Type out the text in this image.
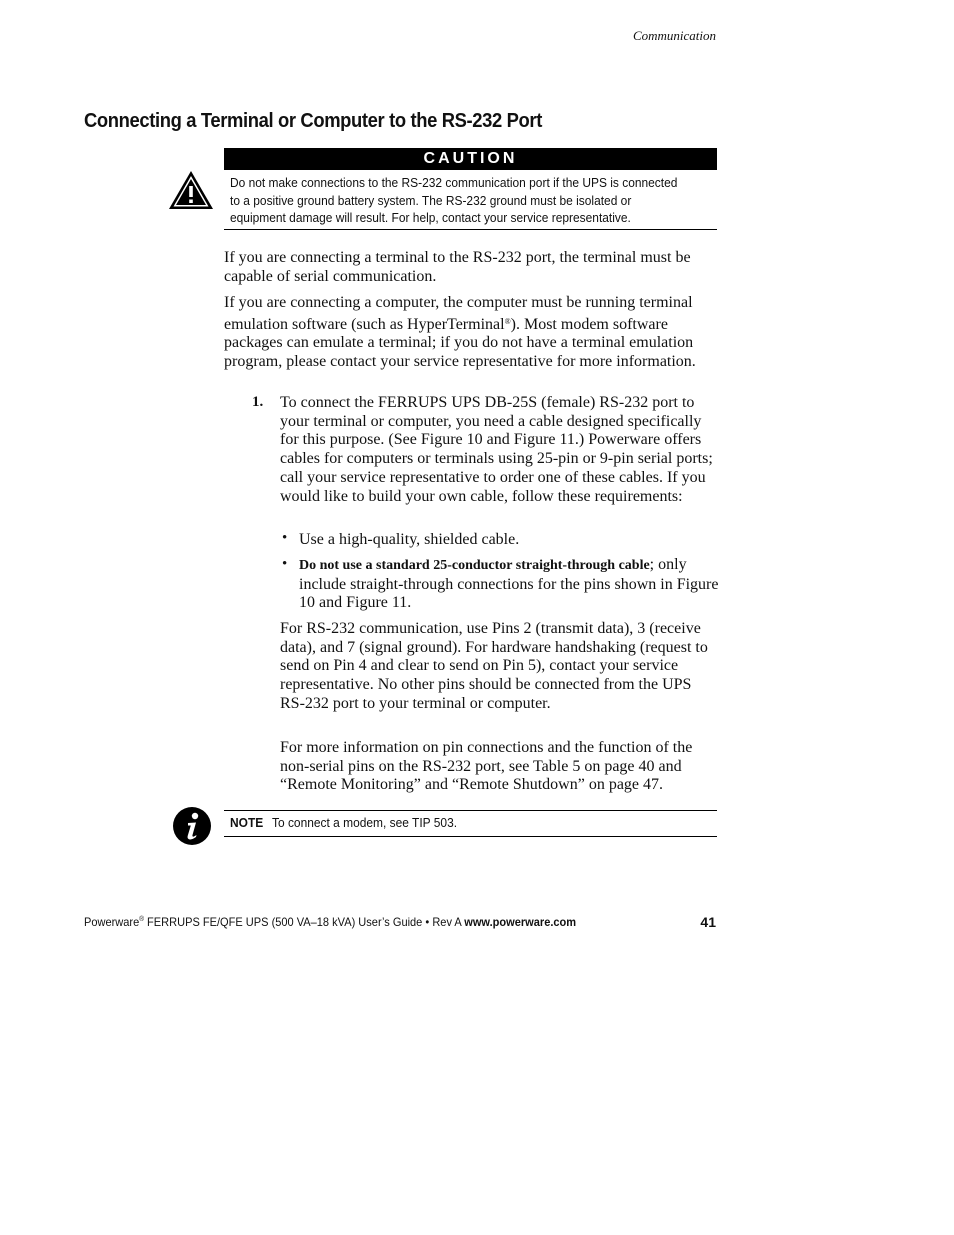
Communication
Connecting a Terminal or Computer to the RS-232 Port
CAUTION
Do not make connections to the RS-232 communication port if the UPS is connected to a positive ground battery system. The RS-232 ground must be isolated or equipment damage will result. For help, contact your service representative.
If you are connecting a terminal to the RS-232 port, the terminal must be capable of serial communication.
If you are connecting a computer, the computer must be running terminal emulation software (such as HyperTerminal®). Most modem software packages can emulate a terminal; if you do not have a terminal emulation program, please contact your service representative for more information.
1. To connect the FERRUPS UPS DB-25S (female) RS-232 port to your terminal or computer, you need a cable designed specifically for this purpose. (See Figure 10 and Figure 11.) Powerware offers cables for computers or terminals using 25-pin or 9-pin serial ports; call your service representative to order one of these cables. If you would like to build your own cable, follow these requirements:
• Use a high-quality, shielded cable.
• Do not use a standard 25-conductor straight-through cable; only include straight-through connections for the pins shown in Figure 10 and Figure 11.
For RS-232 communication, use Pins 2 (transmit data), 3 (receive data), and 7 (signal ground). For hardware handshaking (request to send on Pin 4 and clear to send on Pin 5), contact your service representative. No other pins should be connected from the UPS RS-232 port to your terminal or computer.
For more information on pin connections and the function of the non-serial pins on the RS-232 port, see Table 5 on page 40 and “Remote Monitoring” and “Remote Shutdown” on page 47.
NOTE To connect a modem, see TIP 503.
Powerware® FERRUPS FE/QFE UPS (500 VA–18 kVA) User’s Guide • Rev A www.powerware.com	41
